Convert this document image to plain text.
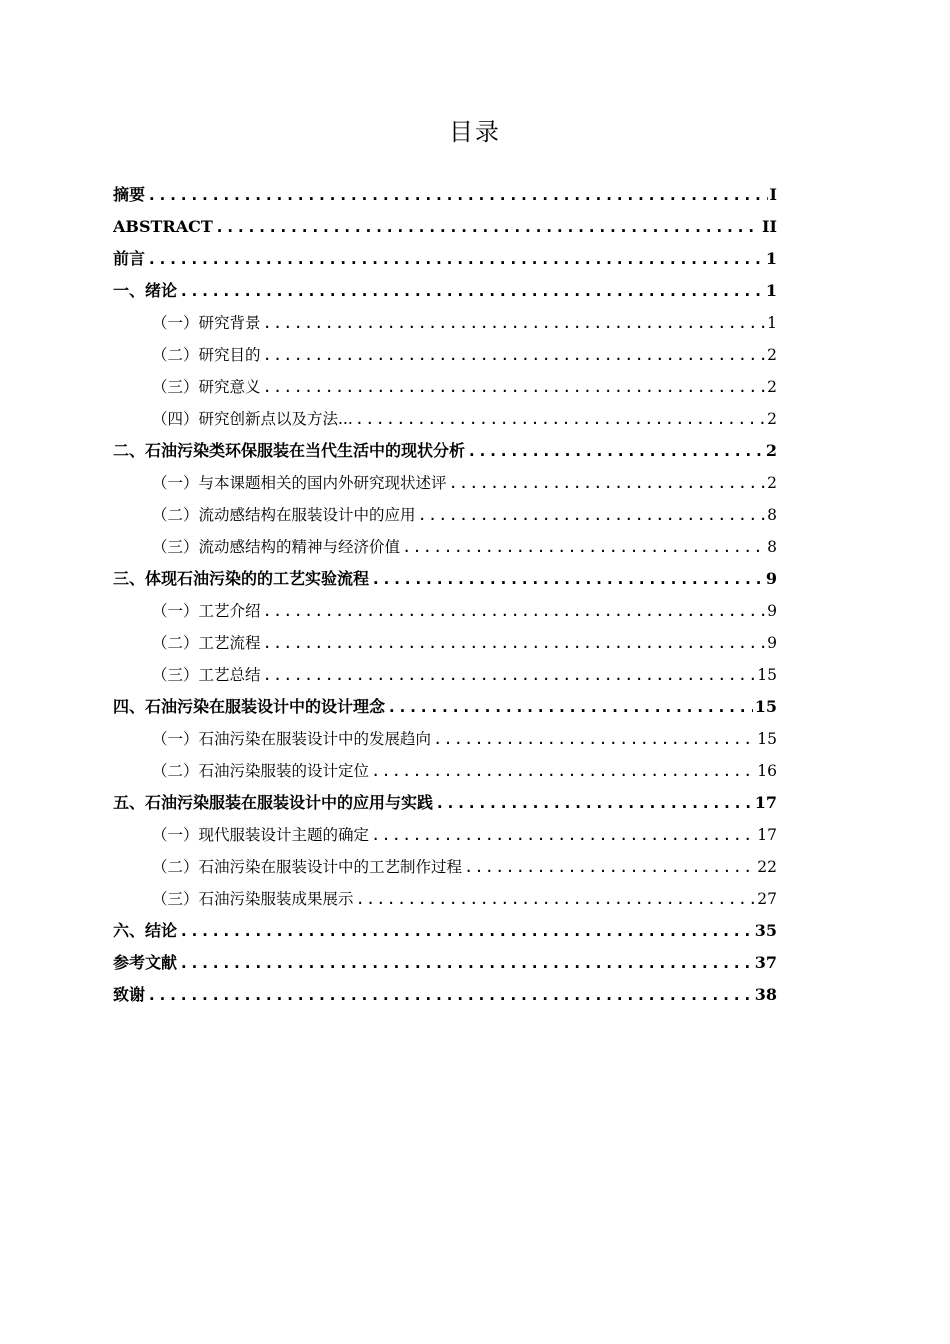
目录
摘要 .....	I
ABSTRACT .....	II
前言 .....	1
一、绪论 .....	1
（一）研究背景 .....	1
（二）研究目的 .....	2
（三）研究意义 .....	2
（四）研究创新点以及方法... .....	2
二、石油污染类环保服装在当代生活中的现状分析 .....	2
（一）与本课题相关的国内外研究现状述评 .....	2
（二）流动感结构在服装设计中的应用 .....	8
（三）流动感结构的精神与经济价值 .....	8
三、体现石油污染的的工艺实验流程 .....	9
（一）工艺介绍 .....	9
（二）工艺流程 .....	9
（三）工艺总结 .....	15
四、石油污染在服装设计中的设计理念 .....	15
（一）石油污染在服装设计中的发展趋向 .....	15
（二）石油污染服装的设计定位 .....	16
五、石油污染服装在服装设计中的应用与实践 .....	17
（一）现代服装设计主题的确定 .....	17
（二）石油污染在服装设计中的工艺制作过程 .....	22
（三）石油污染服装成果展示 .....	27
六、结论 .....	35
参考文献 .....	37
致谢 .....	38
